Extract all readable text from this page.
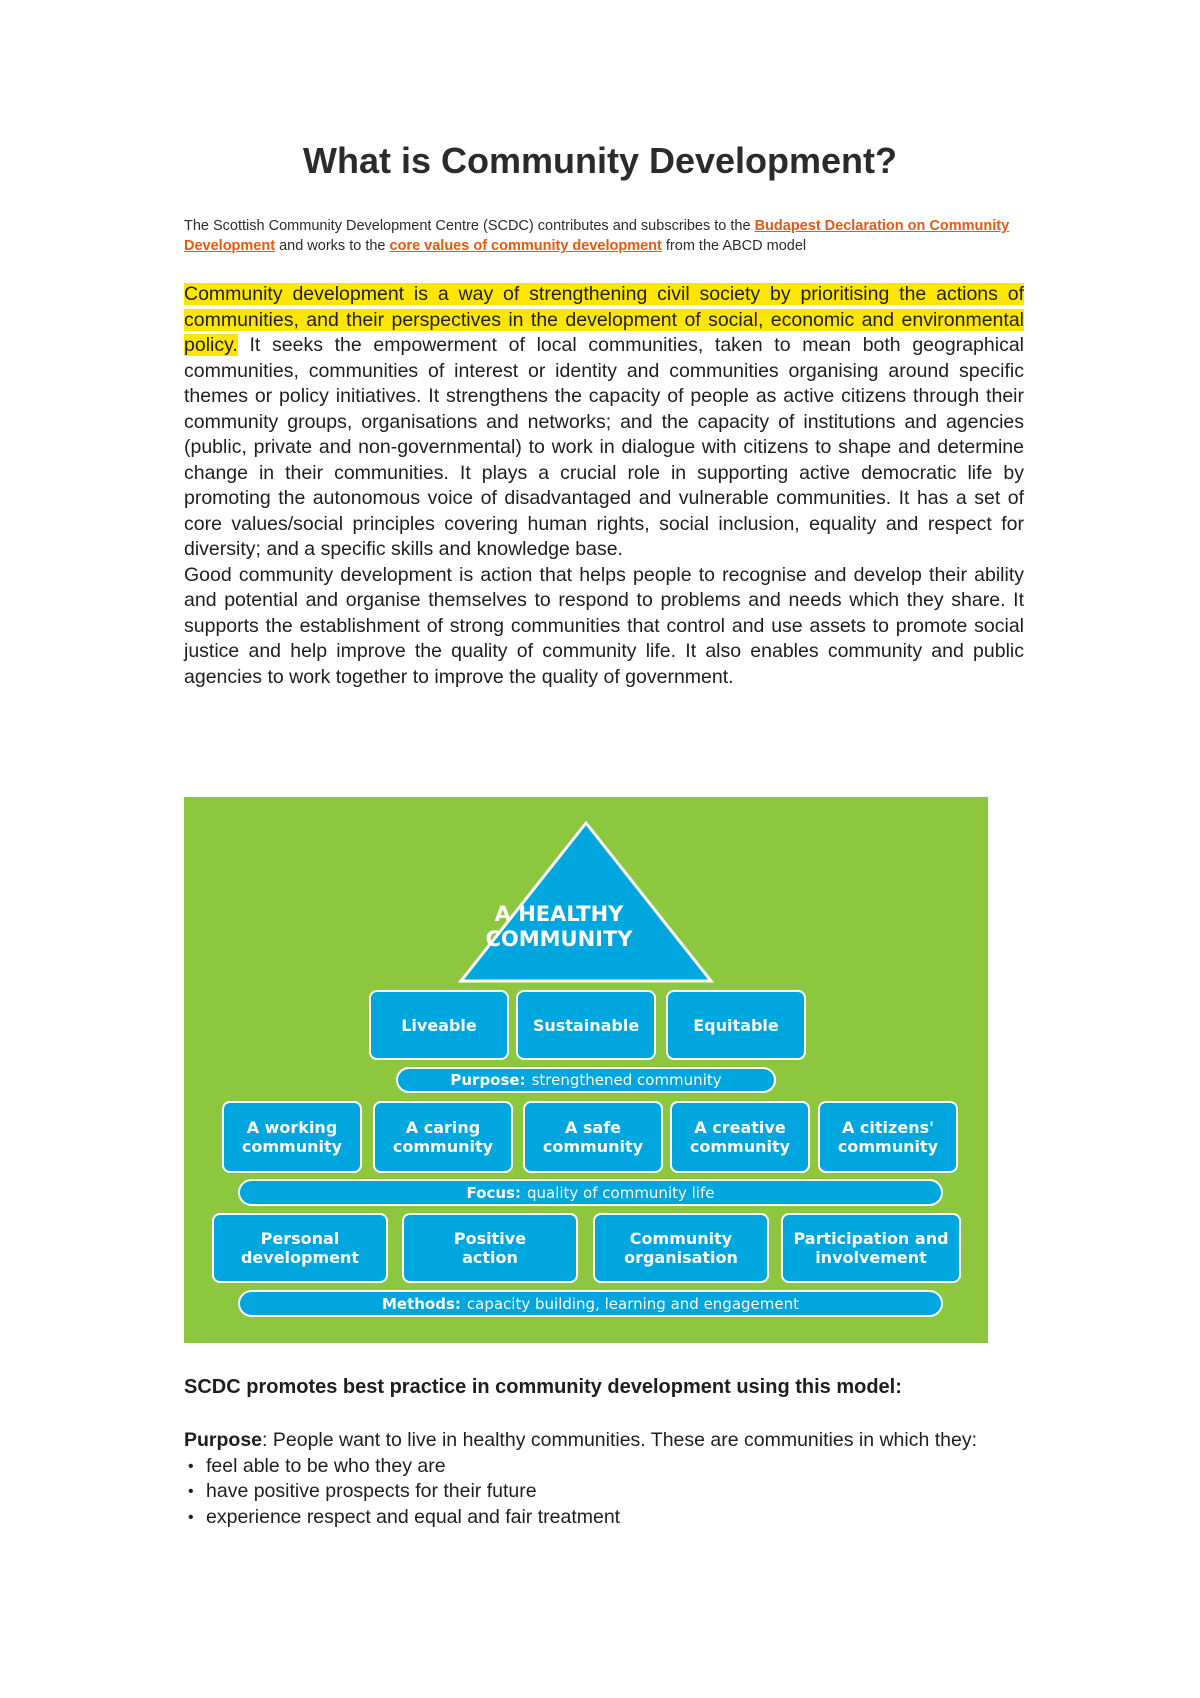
What is Community Development?
The Scottish Community Development Centre (SCDC) contributes and subscribes to the Budapest Declaration on Community Development and works to the core values of community development from the ABCD model

Community development is a way of strengthening civil society by prioritising the actions of communities, and their perspectives in the development of social, economic and environmental policy. It seeks the empowerment of local communities, taken to mean both geographical communities, communities of interest or identity and communities organising around specific themes or policy initiatives. It strengthens the capacity of people as active citizens through their community groups, organisations and networks; and the capacity of institutions and agencies (public, private and non-governmental) to work in dialogue with citizens to shape and determine change in their communities. It plays a crucial role in supporting active democratic life by promoting the autonomous voice of disadvantaged and vulnerable communities. It has a set of core values/social principles covering human rights, social inclusion, equality and respect for diversity; and a specific skills and knowledge base.

Good community development is action that helps people to recognise and develop their ability and potential and organise themselves to respond to problems and needs which they share. It supports the establishment of strong communities that control and use assets to promote social justice and help improve the quality of community life. It also enables community and public agencies to work together to improve the quality of government.

A HEALTHY
COMMUNITY
Liveable	Sustainable	Equitable
Purpose: strengthened community
A working
community
A caring
community
A safe
community
A creative
community
A citizens'
community
Focus: quality of community life
Personal
development
Positive
action
Community
organisation
Participation and
involvement
Methods: capacity building, learning and engagement
SCDC promotes best practice in community development using this model:

Purpose: People want to live in healthy communities. These are communities in which they:

• feel able to be who they are
• have positive prospects for their future
• experience respect and equal and fair treatment
